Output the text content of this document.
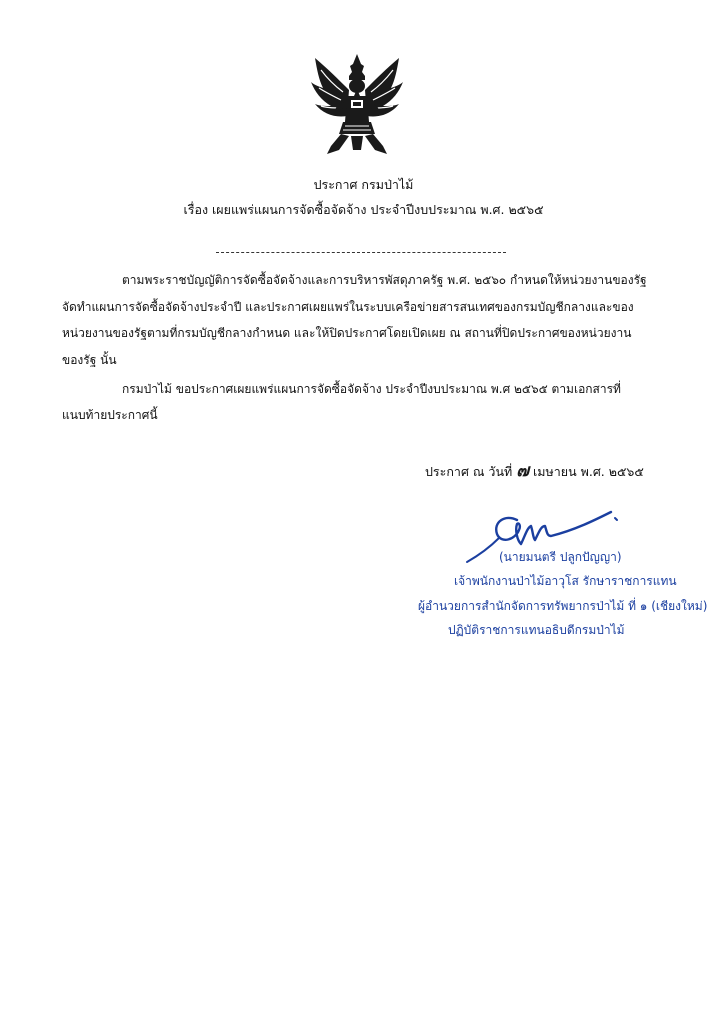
ประกาศ กรมป่าไม้
เรื่อง เผยแพร่แผนการจัดซื้อจัดจ้าง ประจำปีงบประมาณ พ.ศ. ๒๕๖๕
ตามพระราชบัญญัติการจัดซื้อจัดจ้างและการบริหารพัสดุภาครัฐ พ.ศ. ๒๕๖๐ กำหนดให้หน่วยงานของรัฐ
จัดทำแผนการจัดซื้อจัดจ้างประจำปี และประกาศเผยแพร่ในระบบเครือข่ายสารสนเทศของกรมบัญชีกลางและของ
หน่วยงานของรัฐตามที่กรมบัญชีกลางกำหนด และให้ปิดประกาศโดยเปิดเผย ณ สถานที่ปิดประกาศของหน่วยงาน
ของรัฐ นั้น
กรมป่าไม้ ขอประกาศเผยแพร่แผนการจัดซื้อจัดจ้าง ประจำปีงบประมาณ พ.ศ ๒๕๖๕ ตามเอกสารที่
แนบท้ายประกาศนี้
ประกาศ ณ วันที่ ๗ เมษายน พ.ศ. ๒๕๖๕
(นายมนตรี ปลูกปัญญา)
เจ้าพนักงานป่าไม้อาวุโส รักษาราชการแทน
ผู้อำนวยการสำนักจัดการทรัพยากรป่าไม้ ที่ ๑ (เชียงใหม่)
ปฏิบัติราชการแทนอธิบดีกรมป่าไม้
